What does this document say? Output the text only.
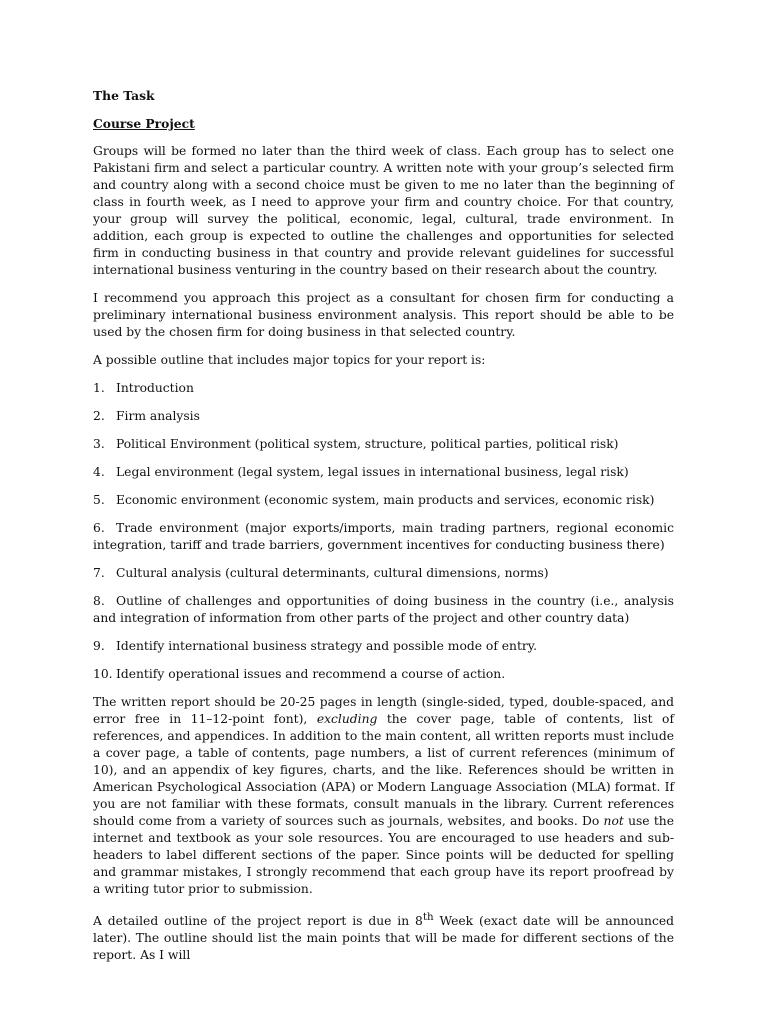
The Task

Course Project

Groups will be formed no later than the third week of class. Each group has to select one Pakistani firm and select a particular country. A written note with your group’s selected firm and country along with a second choice must be given to me no later than the beginning of class in fourth week, as I need to approve your firm and country choice. For that country, your group will survey the political, economic, legal, cultural, trade environment. In addition, each group is expected to outline the challenges and opportunities for selected firm in conducting business in that country and provide relevant guidelines for successful international business venturing in the country based on their research about the country.

I recommend you approach this project as a consultant for chosen firm for conducting a preliminary international business environment analysis. This report should be able to be used by the chosen firm for doing business in that selected country.

A possible outline that includes major topics for your report is:

1. Introduction
2. Firm analysis
3. Political Environment (political system, structure, political parties, political risk)
4. Legal environment (legal system, legal issues in international business, legal risk)
5. Economic environment (economic system, main products and services, economic risk)
6. Trade environment (major exports/imports, main trading partners, regional economic integration, tariff and trade barriers, government incentives for conducting business there)
7. Cultural analysis (cultural determinants, cultural dimensions, norms)
8. Outline of challenges and opportunities of doing business in the country (i.e., analysis and integration of information from other parts of the project and other country data)
9. Identify international business strategy and possible mode of entry.
10. Identify operational issues and recommend a course of action.

The written report should be 20-25 pages in length (single-sided, typed, double-spaced, and error free in 11–12-point font), excluding the cover page, table of contents, list of references, and appendices. In addition to the main content, all written reports must include a cover page, a table of contents, page numbers, a list of current references (minimum of 10), and an appendix of key figures, charts, and the like. References should be written in American Psychological Association (APA) or Modern Language Association (MLA) format. If you are not familiar with these formats, consult manuals in the library. Current references should come from a variety of sources such as journals, websites, and books. Do not use the internet and textbook as your sole resources. You are encouraged to use headers and sub-headers to label different sections of the paper. Since points will be deducted for spelling and grammar mistakes, I strongly recommend that each group have its report proofread by a writing tutor prior to submission.

A detailed outline of the project report is due in 8th Week (exact date will be announced later). The outline should list the main points that will be made for different sections of the report. As I will
